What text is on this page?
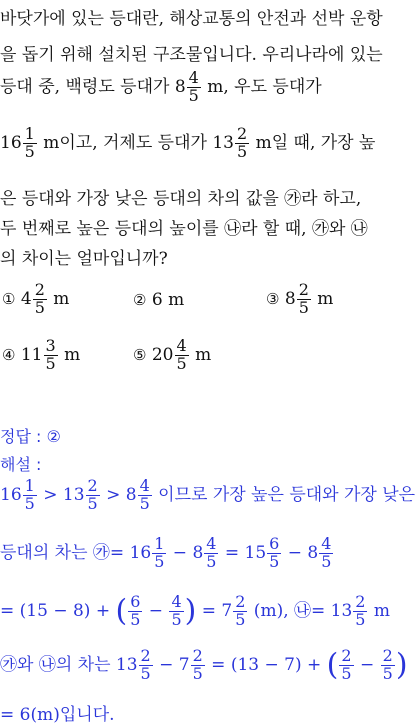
바닷가에 있는 등대란, 해상교통의 안전과 선박 운항
을 돕기 위해 설치된 구조물입니다. 우리나라에 있는
등대 중, 백령도 등대가 $8 \frac{4}{5} m$, 우도 등대가
$16 \frac{1}{5}$ m이고, 거제도 등대가 $13 \frac{2}{5}$ m일 때, 가장 높
은 등대와 가장 낮은 등대의 차의 값을 ㉮라 하고,
두 번째로 높은 등대의 높이를 ㉯라 할 때, ㉮와 ㉯
의 차이는 얼마입니까?
① $4 \frac{2}{5}$ m	② 6 m	③ $8 \frac{2}{5}$ m
④ $11 \frac{3}{5}$ m	⑤ $20 \frac{4}{5}$ m
정답 : ②
해설 :
$16 \frac{1}{5} > 13 \frac{2}{5} > 8 \frac{4}{5}$ 이므로 가장 높은 등대와 가장 낮은
등대의 차는 ㉮= $16 \frac{1}{5} - 8 \frac{4}{5} = 15 \frac{6}{5} - 8 \frac{4}{5}$
= (15 − 8) + ( $\frac{6}{5} - \frac{4}{5}$ ) = $7 \frac{2}{5} (m)$, ㉯= $13 \frac{2}{5}$ m
㉮와 ㉯의 차는 $13 \frac{2}{5} - 7 \frac{2}{5} = (13 - 7)$ + ( $\frac{2}{5} - \frac{2}{5}$ )
= 6(m)입니다.
